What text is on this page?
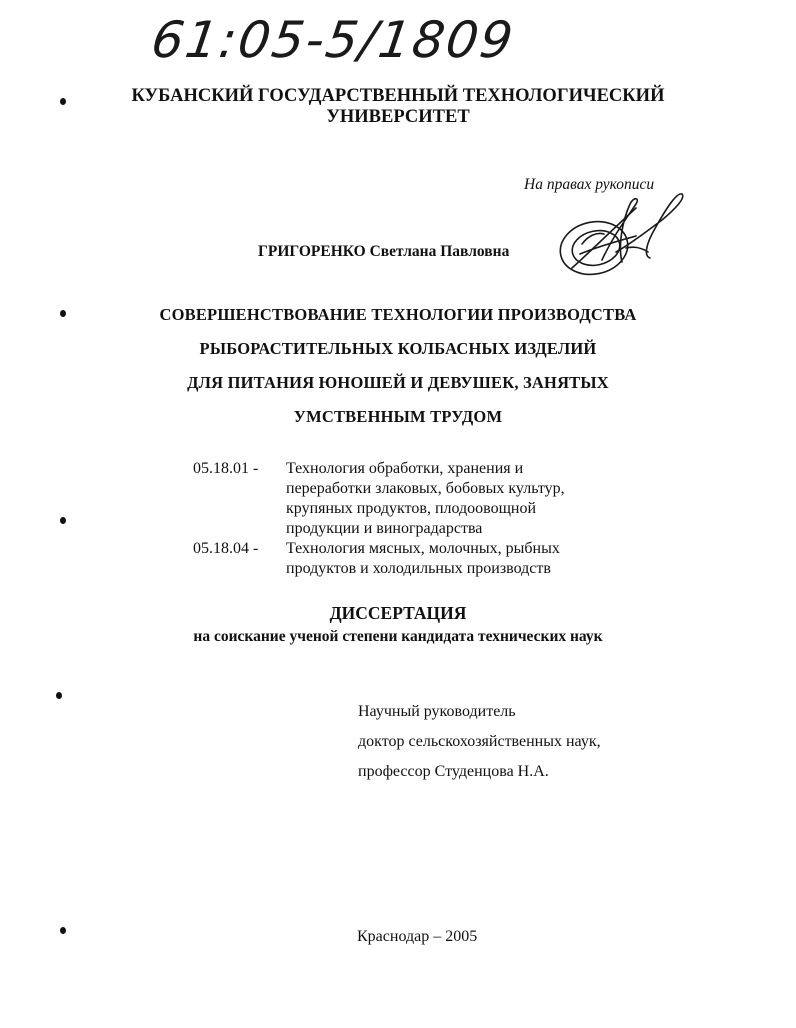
61:05-5/1809
КУБАНСКИЙ ГОСУДАРСТВЕННЫЙ ТЕХНОЛОГИЧЕСКИЙ
УНИВЕРСИТЕТ
На правах рукописи
ГРИГОРЕНКО Светлана Павловна
СОВЕРШЕНСТВОВАНИЕ ТЕХНОЛОГИИ ПРОИЗВОДСТВА
РЫБОРАСТИТЕЛЬНЫХ КОЛБАСНЫХ ИЗДЕЛИЙ
ДЛЯ ПИТАНИЯ ЮНОШЕЙ И ДЕВУШЕК, ЗАНЯТЫХ
УМСТВЕННЫМ ТРУДОМ
05.18.01 -	Технология обработки, хранения и
переработки злаковых, бобовых культур,
крупяных продуктов, плодоовощной
продукции и виноградарства
05.18.04 -	Технология мясных, молочных, рыбных
продуктов и холодильных производств
ДИССЕРТАЦИЯ
на соискание ученой степени кандидата технических наук
Научный руководитель
доктор сельскохозяйственных наук,
профессор Студенцова Н.А.
Краснодар – 2005
